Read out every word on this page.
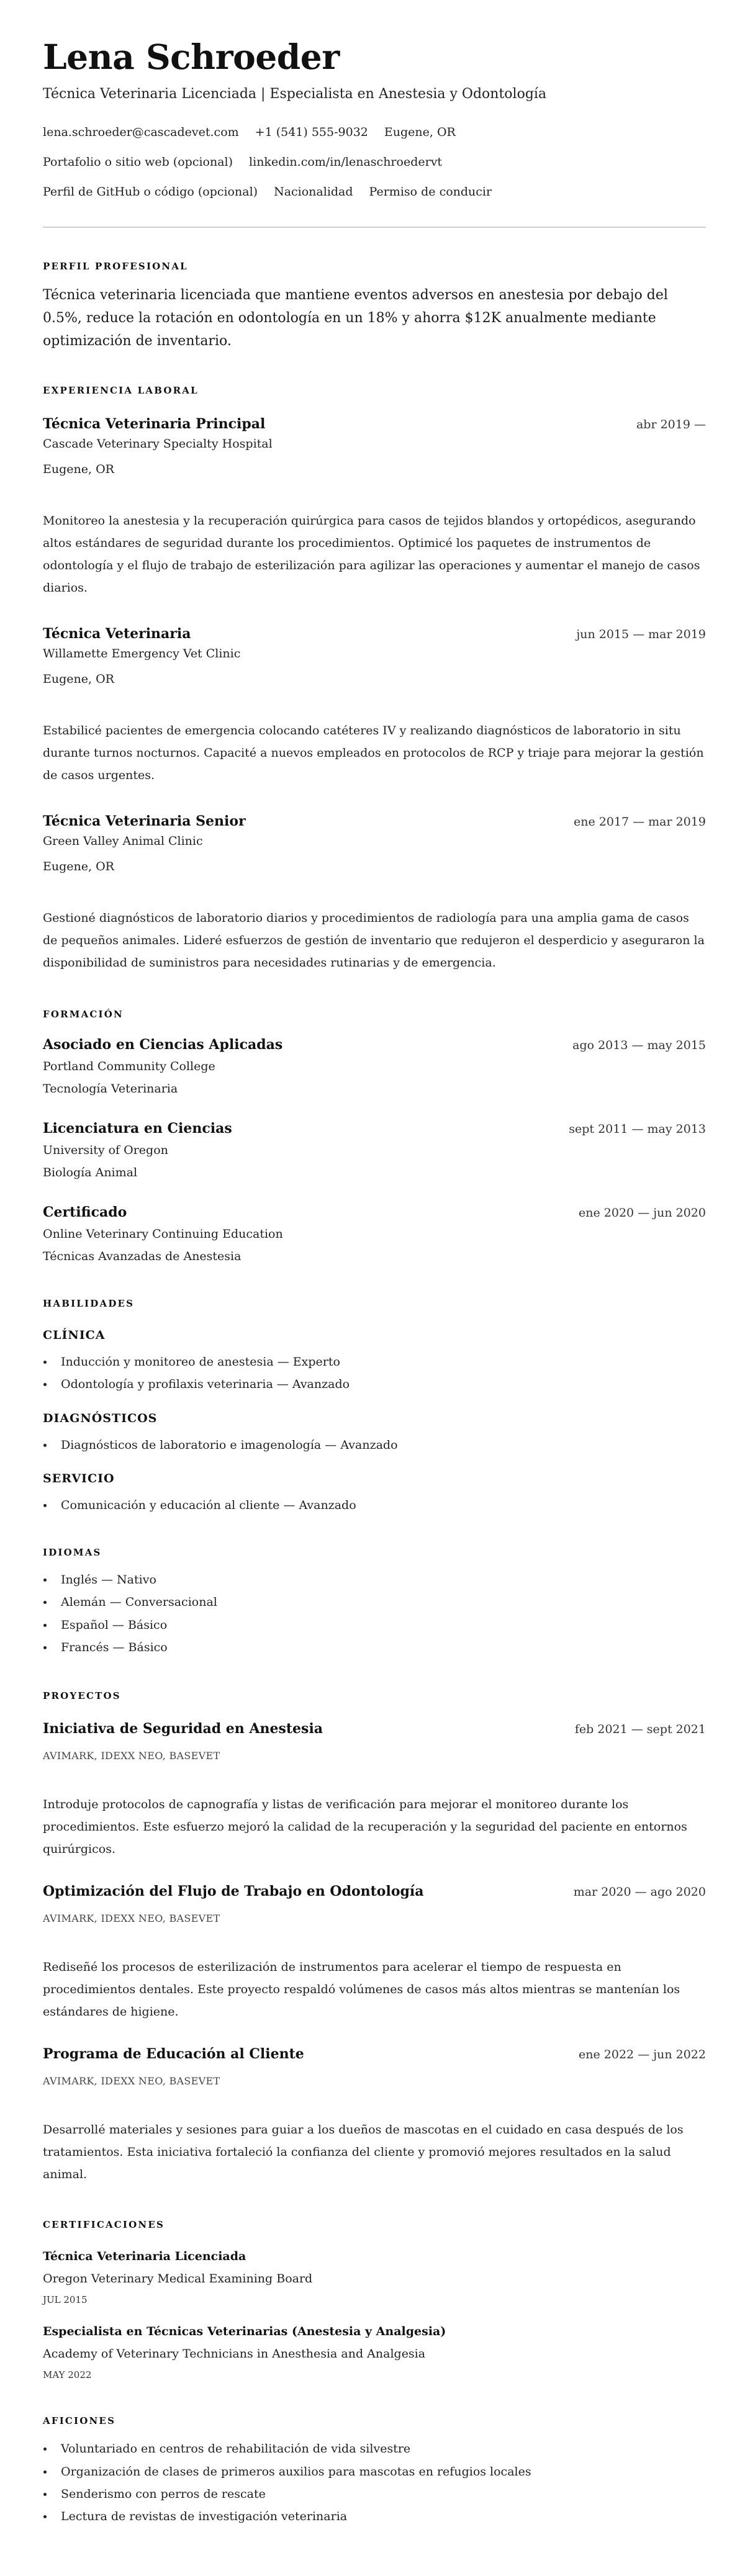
Lena Schroeder
Técnica Veterinaria Licenciada | Especialista en Anestesia y Odontología
lena.schroeder@cascadevet.com +1 (541) 555-9032 Eugene, OR
Portafolio o sitio web (opcional) linkedin.com/in/lenaschroedervt
Perfil de GitHub o código (opcional) Nacionalidad Permiso de conducir
PERFIL PROFESIONAL
Técnica veterinaria licenciada que mantiene eventos adversos en anestesia por debajo del 0.5%, reduce la rotación en odontología en un 18% y ahorra $12K anualmente mediante optimización de inventario.
EXPERIENCIA LABORAL
Técnica Veterinaria Principal	abr 2019 —
Cascade Veterinary Specialty Hospital
Eugene, OR
Monitoreo la anestesia y la recuperación quirúrgica para casos de tejidos blandos y ortopédicos, asegurando altos estándares de seguridad durante los procedimientos. Optimicé los paquetes de instrumentos de odontología y el flujo de trabajo de esterilización para agilizar las operaciones y aumentar el manejo de casos diarios.
Técnica Veterinaria	jun 2015 — mar 2019
Willamette Emergency Vet Clinic
Eugene, OR
Estabilicé pacientes de emergencia colocando catéteres IV y realizando diagnósticos de laboratorio in situ durante turnos nocturnos. Capacité a nuevos empleados en protocolos de RCP y triaje para mejorar la gestión de casos urgentes.
Técnica Veterinaria Senior	ene 2017 — mar 2019
Green Valley Animal Clinic
Eugene, OR
Gestioné diagnósticos de laboratorio diarios y procedimientos de radiología para una amplia gama de casos de pequeños animales. Lideré esfuerzos de gestión de inventario que redujeron el desperdicio y aseguraron la disponibilidad de suministros para necesidades rutinarias y de emergencia.
FORMACIÓN
Asociado en Ciencias Aplicadas	ago 2013 — may 2015
Portland Community College
Tecnología Veterinaria
Licenciatura en Ciencias	sept 2011 — may 2013
University of Oregon
Biología Animal
Certificado	ene 2020 — jun 2020
Online Veterinary Continuing Education
Técnicas Avanzadas de Anestesia
HABILIDADES
CLÍNICA
Inducción y monitoreo de anestesia — Experto
Odontología y profilaxis veterinaria — Avanzado
DIAGNÓSTICOS
Diagnósticos de laboratorio e imagenología — Avanzado
SERVICIO
Comunicación y educación al cliente — Avanzado
IDIOMAS
Inglés — Nativo
Alemán — Conversacional
Español — Básico
Francés — Básico
PROYECTOS
Iniciativa de Seguridad en Anestesia	feb 2021 — sept 2021
AVIMARK, IDEXX NEO, BASEVET
Introduje protocolos de capnografía y listas de verificación para mejorar el monitoreo durante los procedimientos. Este esfuerzo mejoró la calidad de la recuperación y la seguridad del paciente en entornos quirúrgicos.
Optimización del Flujo de Trabajo en Odontología	mar 2020 — ago 2020
AVIMARK, IDEXX NEO, BASEVET
Rediseñé los procesos de esterilización de instrumentos para acelerar el tiempo de respuesta en procedimientos dentales. Este proyecto respaldó volúmenes de casos más altos mientras se mantenían los estándares de higiene.
Programa de Educación al Cliente	ene 2022 — jun 2022
AVIMARK, IDEXX NEO, BASEVET
Desarrollé materiales y sesiones para guiar a los dueños de mascotas en el cuidado en casa después de los tratamientos. Esta iniciativa fortaleció la confianza del cliente y promovió mejores resultados en la salud animal.
CERTIFICACIONES
Técnica Veterinaria Licenciada
Oregon Veterinary Medical Examining Board
JUL 2015
Especialista en Técnicas Veterinarias (Anestesia y Analgesia)
Academy of Veterinary Technicians in Anesthesia and Analgesia
MAY 2022
AFICIONES
Voluntariado en centros de rehabilitación de vida silvestre
Organización de clases de primeros auxilios para mascotas en refugios locales
Senderismo con perros de rescate
Lectura de revistas de investigación veterinaria
